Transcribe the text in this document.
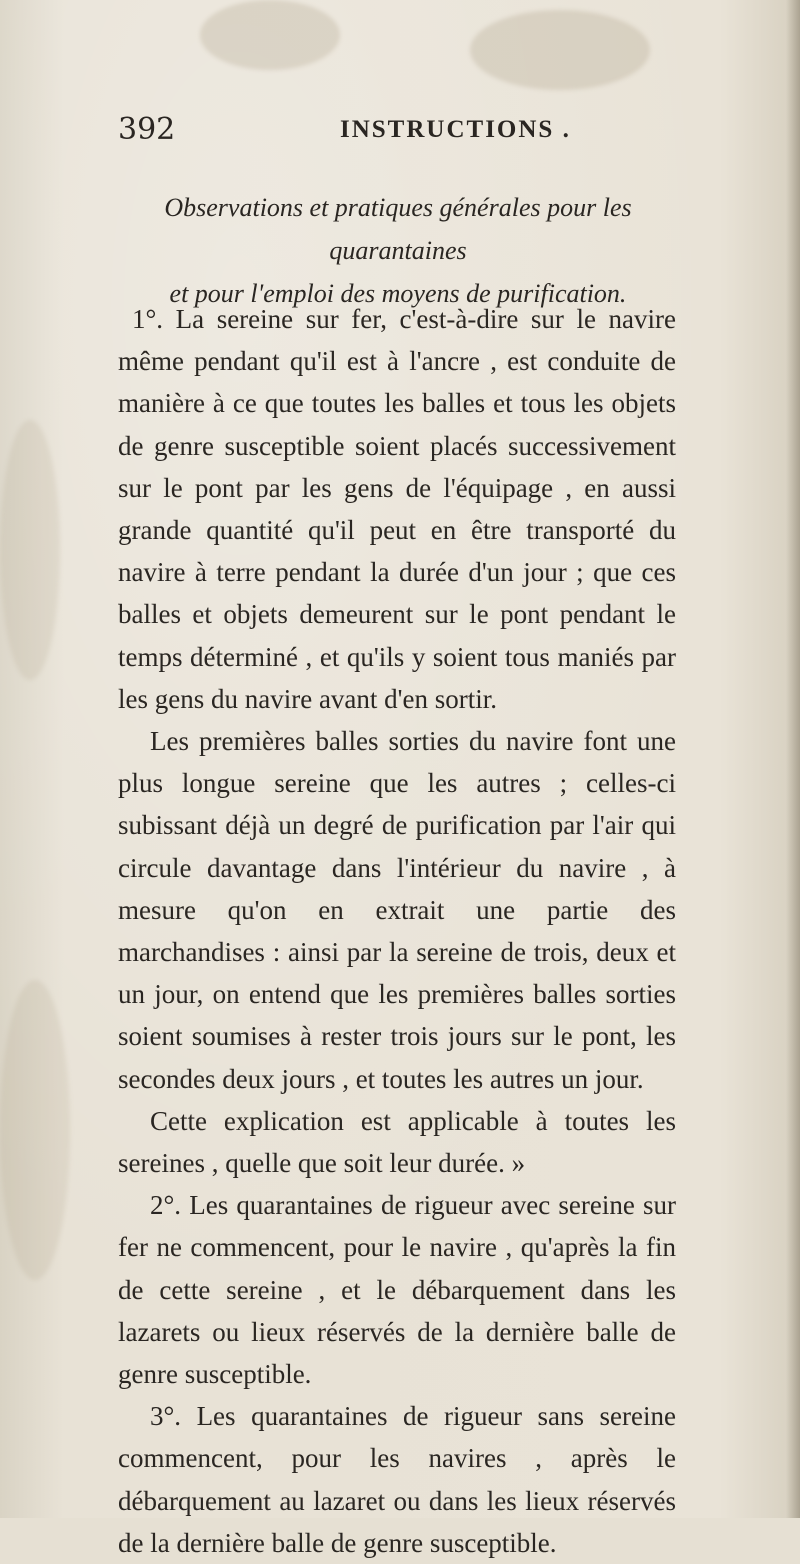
392	INSTRUCTIONS .
Observations et pratiques générales pour les quarantaines
et pour l'emploi des moyens de purification.

1°. La sereine sur fer, c'est-à-dire sur le navire même pendant qu'il est à l'ancre , est conduite de manière à ce que toutes les balles et tous les objets de genre susceptible soient placés successivement sur le pont par les gens de l'équipage , en aussi grande quantité qu'il peut en être transporté du navire à terre pendant la durée d'un jour ; que ces balles et objets demeurent sur le pont pendant le temps déterminé , et qu'ils y soient tous maniés par les gens du navire avant d'en sortir.

Les premières balles sorties du navire font une plus longue sereine que les autres ; celles-ci subissant déjà un degré de purification par l'air qui circule davantage dans l'intérieur du navire , à mesure qu'on en extrait une partie des marchandises : ainsi par la sereine de trois, deux et un jour, on entend que les premières balles sorties soient soumises à rester trois jours sur le pont, les secondes deux jours , et toutes les autres un jour.

Cette explication est applicable à toutes les sereines , quelle que soit leur durée. »

2°. Les quarantaines de rigueur avec sereine sur fer ne commencent, pour le navire , qu'après la fin de cette sereine , et le débarquement dans les lazarets ou lieux réservés de la dernière balle de genre susceptible.

3°. Les quarantaines de rigueur sans sereine commencent, pour les navires , après le débarquement au lazaret ou dans les lieux réservés de la dernière balle de genre susceptible.
